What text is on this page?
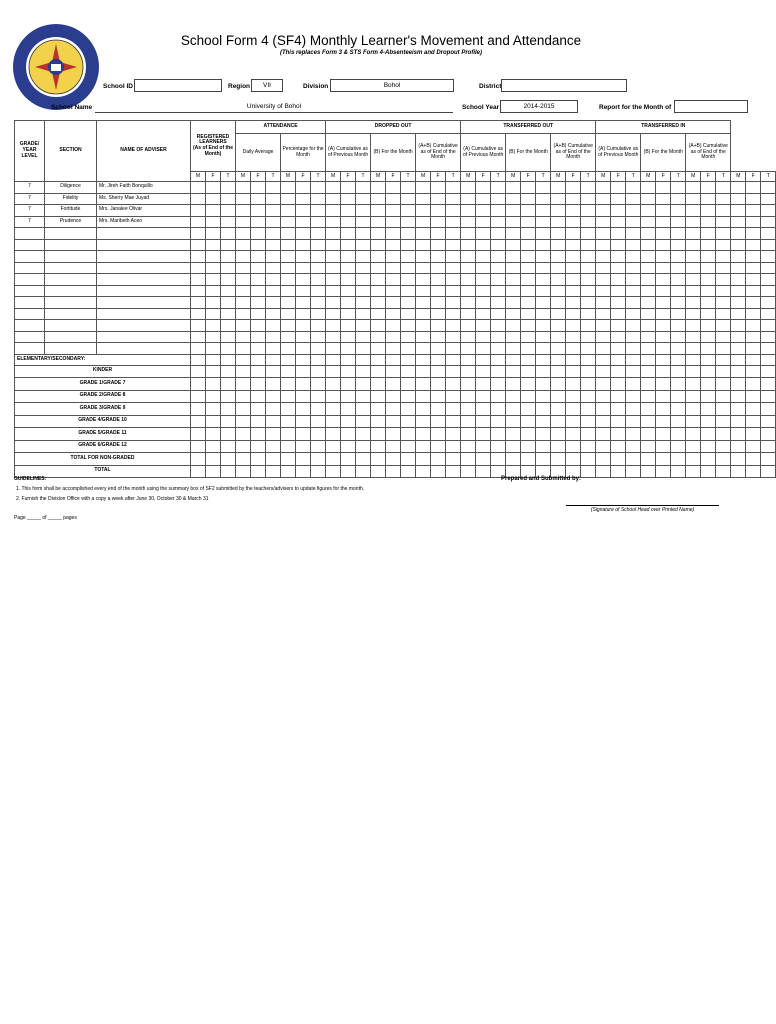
School Form 4 (SF4) Monthly Learner's Movement and Attendance
(This replaces Form 3 & STS Form 4-Absenteeism and Dropout Profile)
School ID	Region	VII	Division	Bohol	District
School Name	University of Bohol	School Year	2014-2015	Report for the Month of
GRADE/ YEAR LEVEL	SECTION	NAME OF ADVISER	REGISTERED LEARNERS
(As of End of the Month)			ATTENDANCE						DROPPED OUT									TRANSFERRED OUT									TRANSFERRED IN											
						Daily Average			Percentage for the Month			(A) Cumulative as of Previous Month			(B) For the Month			(A+B) Cumulative as of End of the Month			(A) Cumulative as of Previous Month			(B) For the Month			(A+B) Cumulative as of End of the Month			(A) Cumulative as of Previous Month			(B) For the Month			(A+B) Cumulative as of End of the Month					
			M	F	T	M	F	T	M	F	T	M	F	T	M	F	T	M	F	T	M	F	T	M	F	T	M	F	T	M	F	T	M	F	T	M	F	T	M	F	T
7	Diligence	Mr. Jireh Faith Bonquillo																																							
7	Fidelity	Ms. Sherry Mae Juyad																																							
7	Fortitude	Mrs. Janalee Olivar																																							
7	Prudence	Mrs. Maribeth Aceo																																							

ELEMENTARY/SECONDARY:																																									
KINDER																																									
GRADE 1/GRADE 7																																									
GRADE 2/GRADE 8																																									
GRADE 3/GRADE 9																																									
GRADE 4/GRADE 10																																									
GRADE 5/GRADE 11																																									
GRADE 6/GRADE 12																																									
TOTAL FOR NON-GRADED																																									
TOTAL																																									
GUIDELINES:
1. This form shall be accomplished every end of the month using the summary box of SF2 submitted by the teachers/advisers to update figures for the month.
2. Furnish the Division Office with a copy a week after June 30, October 30 & March 31
Prepared and Submitted by:
(Signature of School Head over Printed Name)
Page _____ of _____ pages
